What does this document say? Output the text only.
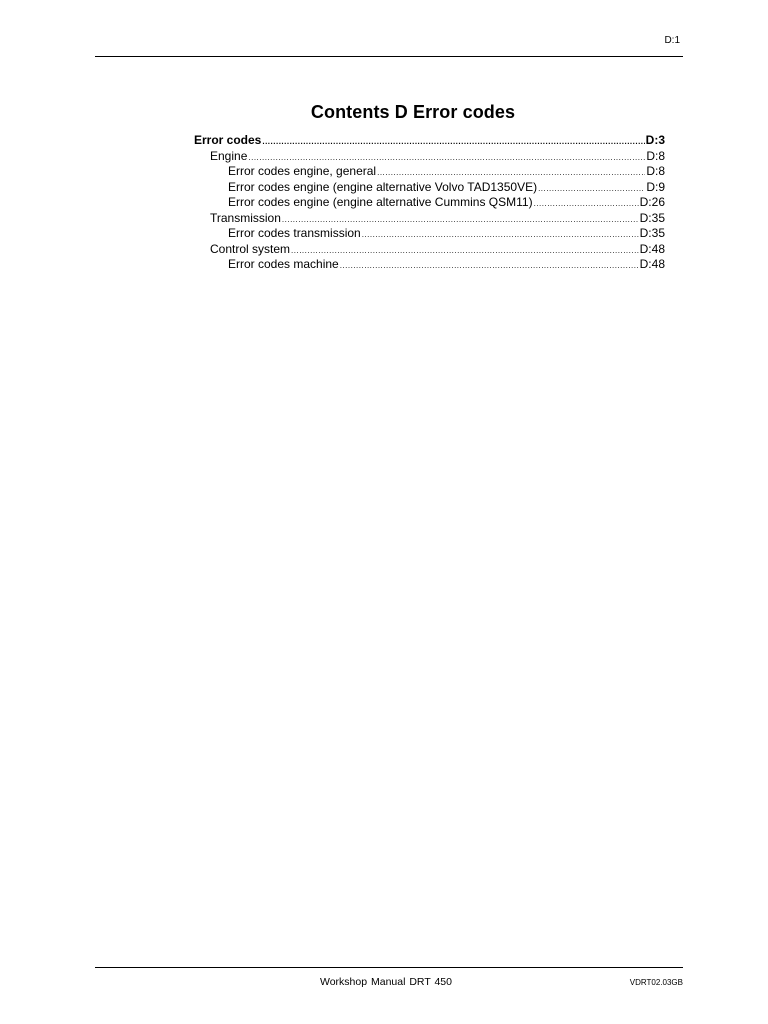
D:1
Contents D Error codes
Error codes .....	D:3
Engine .....	D:8
Error codes engine, general .....	D:8
Error codes engine (engine alternative Volvo TAD1350VE) .....	D:9
Error codes engine (engine alternative Cummins QSM11) .....	D:26
Transmission .....	D:35
Error codes transmission .....	D:35
Control system .....	D:48
Error codes machine .....	D:48
Workshop Manual DRT 450	VDRT02.03GB
